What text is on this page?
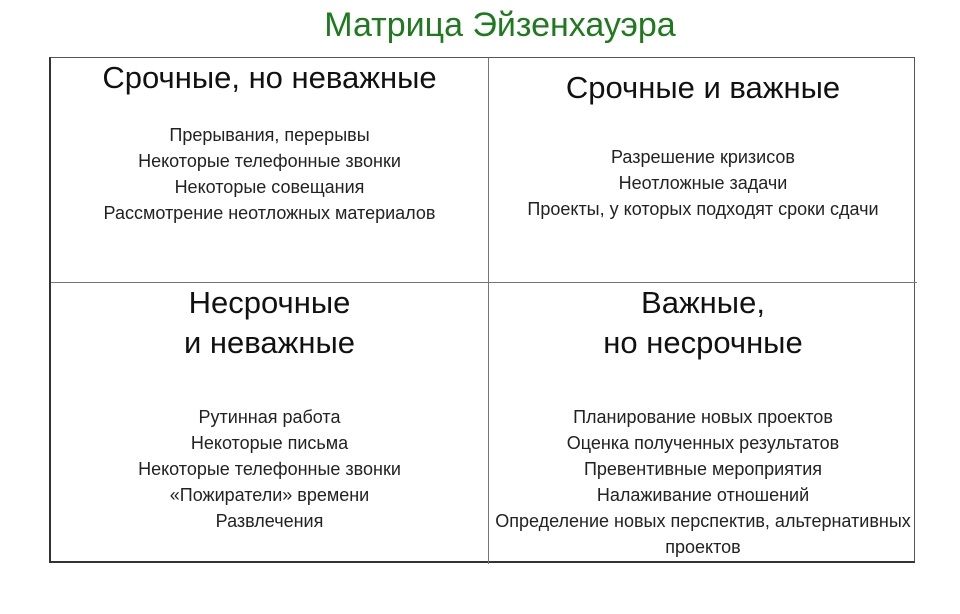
Матрица Эйзенхауэра
Срочные, но неважные
Прерывания, перерывы
Некоторые телефонные звонки
Некоторые совещания
Рассмотрение неотложных материалов
Срочные и важные
Разрешение кризисов
Неотложные задачи
Проекты, у которых подходят сроки сдачи
Несрочные
и неважные
Рутинная работа
Некоторые письма
Некоторые телефонные звонки
«Пожиратели» времени
Развлечения
Важные,
но несрочные
Планирование новых проектов
Оценка полученных результатов
Превентивные мероприятия
Налаживание отношений
Определение новых перспектив, альтернативных проектов
